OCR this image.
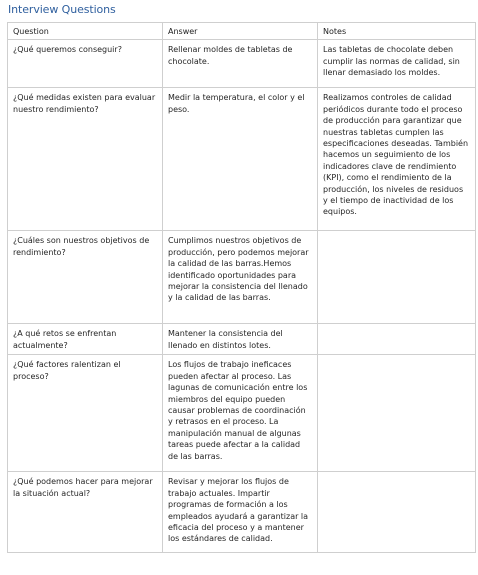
Interview Questions
Question	Answer	Notes
¿Qué queremos conseguir?	Rellenar moldes de tabletas de chocolate.	Las tabletas de chocolate deben cumplir las normas de calidad, sin llenar demasiado los moldes.
¿Qué medidas existen para evaluar nuestro rendimiento?	Medir la temperatura, el color y el peso.	Realizamos controles de calidad periódicos durante todo el proceso de producción para garantizar que nuestras tabletas cumplen las especificaciones deseadas. También hacemos un seguimiento de los indicadores clave de rendimiento (KPI), como el rendimiento de la producción, los niveles de residuos y el tiempo de inactividad de los equipos.
¿Cuáles son nuestros objetivos de rendimiento?	Cumplimos nuestros objetivos de producción, pero podemos mejorar la calidad de las barras.Hemos identificado oportunidades para mejorar la consistencia del llenado y la calidad de las barras.	
¿A qué retos se enfrentan actualmente?	Mantener la consistencia del llenado en distintos lotes.	
¿Qué factores ralentizan el proceso?	Los flujos de trabajo ineficaces pueden afectar al proceso. Las lagunas de comunicación entre los miembros del equipo pueden causar problemas de coordinación y retrasos en el proceso. La manipulación manual de algunas tareas puede afectar a la calidad de las barras.	
¿Qué podemos hacer para mejorar la situación actual?	Revisar y mejorar los flujos de trabajo actuales. Impartir programas de formación a los empleados ayudará a garantizar la eficacia del proceso y a mantener los estándares de calidad.	
